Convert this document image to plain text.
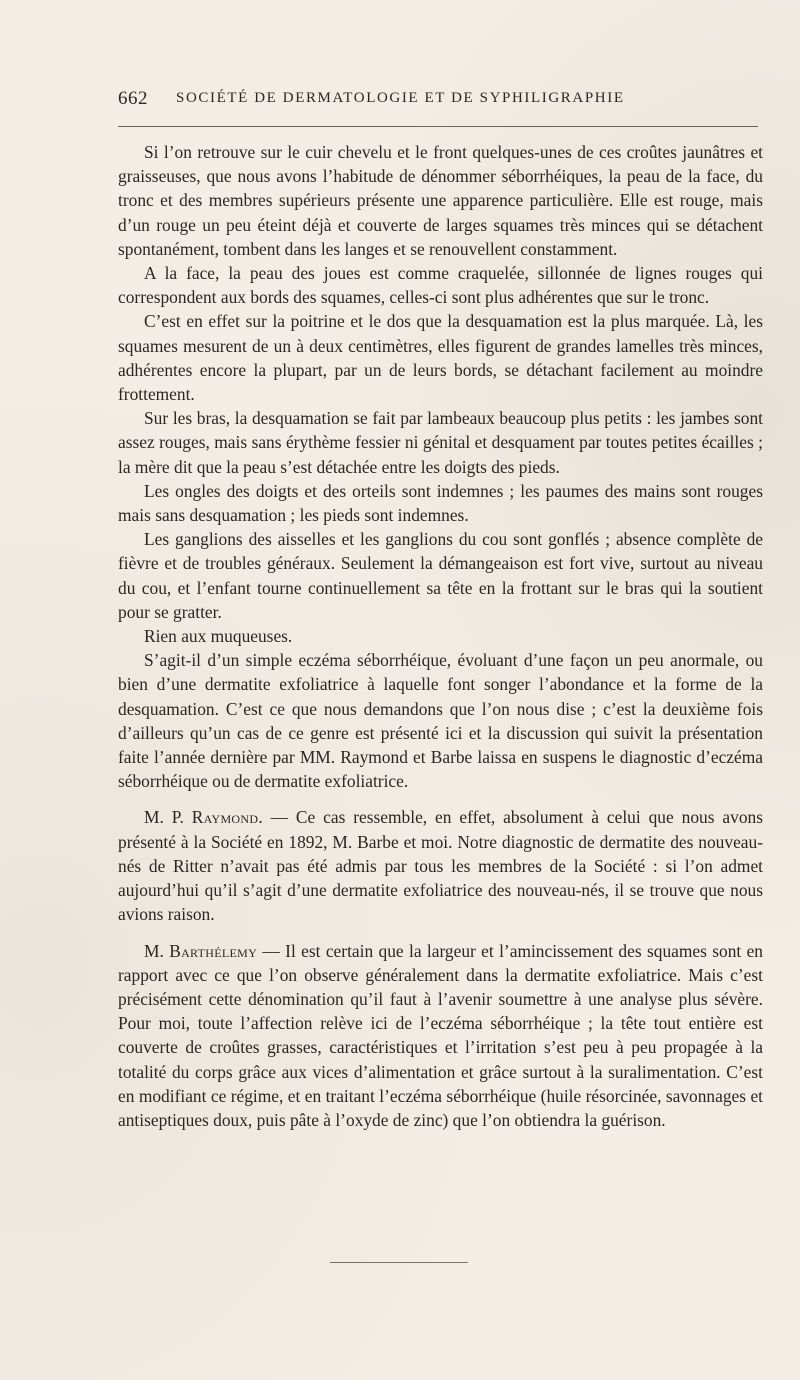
662 SOCIÉTÉ DE DERMATOLOGIE ET DE SYPHILIGRAPHIE

Si l’on retrouve sur le cuir chevelu et le front quelques-unes de ces croûtes jaunâtres et graisseuses, que nous avons l’habitude de dénommer séborrhéiques, la peau de la face, du tronc et des membres supérieurs présente une apparence particulière. Elle est rouge, mais d’un rouge un peu éteint déjà et couverte de larges squames très minces qui se détachent spontanément, tombent dans les langes et se renouvellent constamment.

A la face, la peau des joues est comme craquelée, sillonnée de lignes rouges qui correspondent aux bords des squames, celles-ci sont plus adhérentes que sur le tronc.

C’est en effet sur la poitrine et le dos que la desquamation est la plus marquée. Là, les squames mesurent de un à deux centimètres, elles figurent de grandes lamelles très minces, adhérentes encore la plupart, par un de leurs bords, se détachant facilement au moindre frottement.

Sur les bras, la desquamation se fait par lambeaux beaucoup plus petits : les jambes sont assez rouges, mais sans érythème fessier ni génital et desquament par toutes petites écailles ; la mère dit que la peau s’est détachée entre les doigts des pieds.

Les ongles des doigts et des orteils sont indemnes ; les paumes des mains sont rouges mais sans desquamation ; les pieds sont indemnes.

Les ganglions des aisselles et les ganglions du cou sont gonflés ; absence complète de fièvre et de troubles généraux. Seulement la démangeaison est fort vive, surtout au niveau du cou, et l’enfant tourne continuellement sa tête en la frottant sur le bras qui la soutient pour se gratter.

Rien aux muqueuses.

S’agit-il d’un simple eczéma séborrhéique, évoluant d’une façon un peu anormale, ou bien d’une dermatite exfoliatrice à laquelle font songer l’abondance et la forme de la desquamation. C’est ce que nous demandons que l’on nous dise ; c’est la deuxième fois d’ailleurs qu’un cas de ce genre est présenté ici et la discussion qui suivit la présentation faite l’année dernière par MM. Raymond et Barbe laissa en suspens le diagnostic d’eczéma séborrhéique ou de dermatite exfoliatrice.

M. P. Raymond. — Ce cas ressemble, en effet, absolument à celui que nous avons présenté à la Société en 1892, M. Barbe et moi. Notre diagnostic de dermatite des nouveau-nés de Ritter n’avait pas été admis par tous les membres de la Société : si l’on admet aujourd’hui qu’il s’agit d’une dermatite exfoliatrice des nouveau-nés, il se trouve que nous avions raison.

M. Barthélemy — Il est certain que la largeur et l’amincissement des squames sont en rapport avec ce que l’on observe généralement dans la dermatite exfoliatrice. Mais c’est précisément cette dénomination qu’il faut à l’avenir soumettre à une analyse plus sévère. Pour moi, toute l’affection relève ici de l’eczéma séborrhéique ; la tête tout entière est couverte de croûtes grasses, caractéristiques et l’irritation s’est peu à peu propagée à la totalité du corps grâce aux vices d’alimentation et grâce surtout à la suralimentation. C’est en modifiant ce régime, et en traitant l’eczéma séborrhéique (huile résorcinée, savonnages et antiseptiques doux, puis pâte à l’oxyde de zinc) que l’on obtiendra la guérison.
